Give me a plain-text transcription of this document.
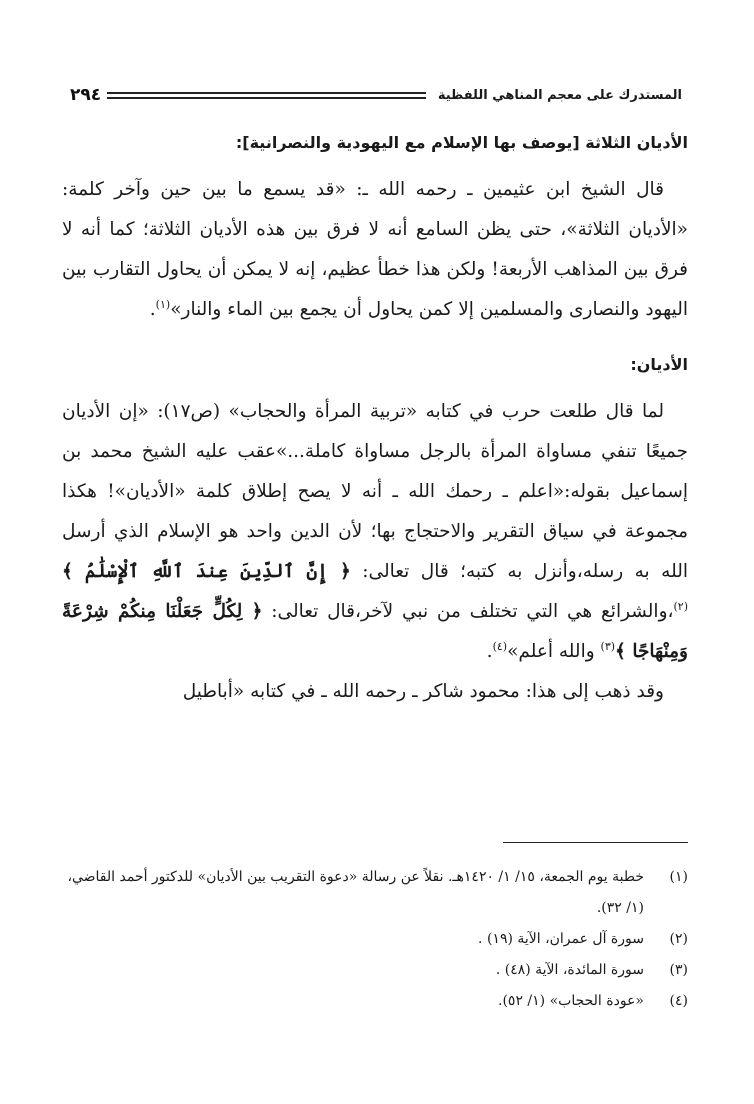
المستدرك على معجم المناهي اللفظية
٢٩٤
الأديان الثلاثة [يوصف بها الإسلام مع اليهودية والنصرانية]:

قال الشيخ ابن عثيمين ـ رحمه الله ـ: «قد يسمع ما بين حين وآخر كلمة: «الأديان الثلاثة»، حتى يظن السامع أنه لا فرق بين هذه الأديان الثلاثة؛ كما أنه لا فرق بين المذاهب الأربعة! ولكن هذا خطأ عظيم، إنه لا يمكن أن يحاول التقارب بين اليهود والنصارى والمسلمين إلا كمن يحاول أن يجمع بين الماء والنار»$^{(١)}$.

الأديان:

لما قال طلعت حرب في كتابه «تربية المرأة والحجاب» (ص١٧): «إن الأديان جميعًا تنفي مساواة المرأة بالرجل مساواة كاملة...»عقب عليه الشيخ محمد بن إسماعيل بقوله:«اعلم ـ رحمك الله ـ أنه لا يصح إطلاق كلمة «الأديان»! هكذا مجموعة في سياق التقرير والاحتجاج بها؛ لأن الدين واحد هو الإسلام الذي أرسل الله به رسله،وأنزل به كتبه؛ قال تعالى: ﴿ إِنَّ ٱلدِّينَ عِندَ ٱللَّهِ ٱلْإِسْلَٰمُ ﴾$^{(٢)}$،والشرائع هي التي تختلف من نبي لآخر،قال تعالى: ﴿ لِكُلٍّ جَعَلْنَا مِنكُمْ شِرْعَةً وَمِنْهَاجًا ﴾$^{(٣)}$ والله أعلم»$^{(٤)}$.

وقد ذهب إلى هذا: محمود شاكر ـ رحمه الله ـ في كتابه «أباطيل

(١)
خطبة يوم الجمعة، ١٥/ ١/ ١٤٢٠هـ. نقلاً عن رسالة «دعوة التقريب بين الأديان» للدكتور أحمد القاضي، (١/ ٣٢).
(٢)
سورة آل عمران، الآية (١٩) .
(٣)
سورة المائدة، الآية (٤٨) .
(٤)
«عودة الحجاب» (١/ ٥٢).
